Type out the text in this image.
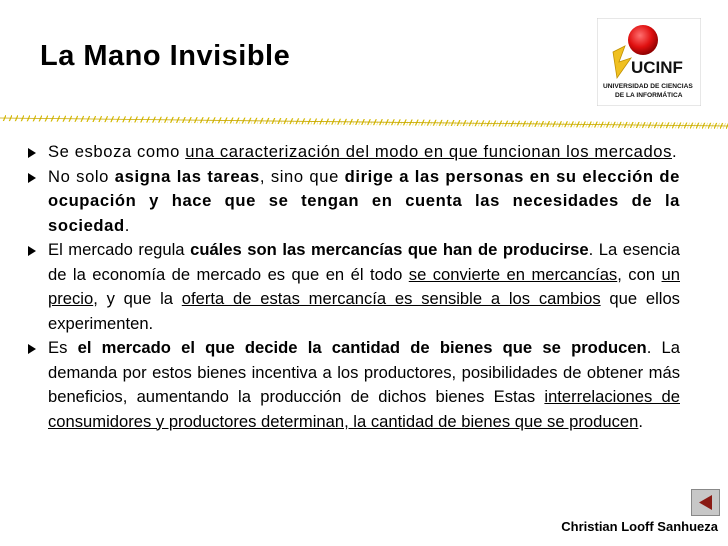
La Mano Invisible	UCINF
UNIVERSIDAD DE CIENCIAS
DE LA INFORMÁTICA

Se esboza como una caracterización del modo en que funcionan los mercados.

No solo asigna las tareas, sino que dirige a las personas en su elección de ocupación y hace que se tengan en cuenta las necesidades de la sociedad.

El mercado regula cuáles son las mercancías que han de producirse. La esencia de la economía de mercado es que en él todo se convierte en mercancías, con un precio, y que la oferta de estas mercancía es sensible a los cambios que ellos experimenten.

Es el mercado el que decide la cantidad de bienes que se producen. La demanda por estos bienes incentiva a los productores, posibilidades de obtener más beneficios, aumentando la producción de dichos bienes Estas interrelaciones de consumidores y productores determinan, la cantidad de bienes que se producen.

Christian Looff Sanhueza
